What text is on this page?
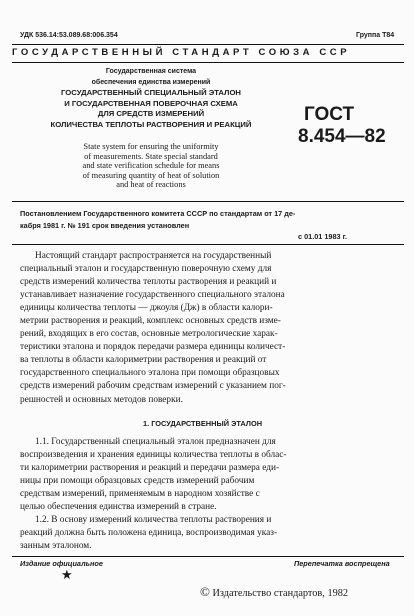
УДК 536.14:53.089.68:006.354	Группа Т84
ГОСУДАРСТВЕННЫЙ СТАНДАРТ СОЮЗА ССР
Государственная система
обеспечения единства измерений
ГОСУДАРСТВЕННЫЙ СПЕЦИАЛЬНЫЙ ЭТАЛОН
И ГОСУДАРСТВЕННАЯ ПОВЕРОЧНАЯ СХЕМА
ДЛЯ СРЕДСТВ ИЗМЕРЕНИЙ
КОЛИЧЕСТВА ТЕПЛОТЫ РАСТВОРЕНИЯ И РЕАКЦИЙ
State system for ensuring the uniformity
of measurements. State special standard
and state verification schedule for means
of measuring quantity of heat of solution
and heat of reactions
ГОСТ
8.454—82
Постановлением Государственного комитета СССР по стандартам от 17 де-
кабря 1981 г. № 191 срок введения установлен
с 01.01 1983 г.
Настоящий стандарт распространяется на государственный
специальный эталон и государственную поверочную схему для
средств измерений количества теплоты растворения и реакций и
устанавливает назначение государственного специального эталона
единицы количества теплоты — джоуля (Дж) в области калори-
метрии растворения и реакций, комплекс основных средств изме-
рений, входящих в его состав, основные метрологические харак-
теристики эталона и порядок передачи размера единицы количест-
ва теплоты в области калориметрии растворения и реакций от
государственного специального эталона при помощи образцовых
средств измерений рабочим средствам измерений с указанием пог-
решностей и основных методов поверки.
1. ГОСУДАРСТВЕННЫЙ ЭТАЛОН
1.1. Государственный специальный эталон предназначен для
воспроизведения и хранения единицы количества теплоты в облас-
ти калориметрии растворения и реакций и передачи размера еди-
ницы при помощи образцовых средств измерений рабочим
средствам измерений, применяемым в народном хозяйстве с
целью обеспечения единства измерений в стране.
1.2. В основу измерений количества теплоты растворения и
реакций должна быть положена единица, воспроизводимая указ-
занным эталоном.
Издание официальное	Перепечатка воспрещена
★
© Издательство стандартов, 1982
